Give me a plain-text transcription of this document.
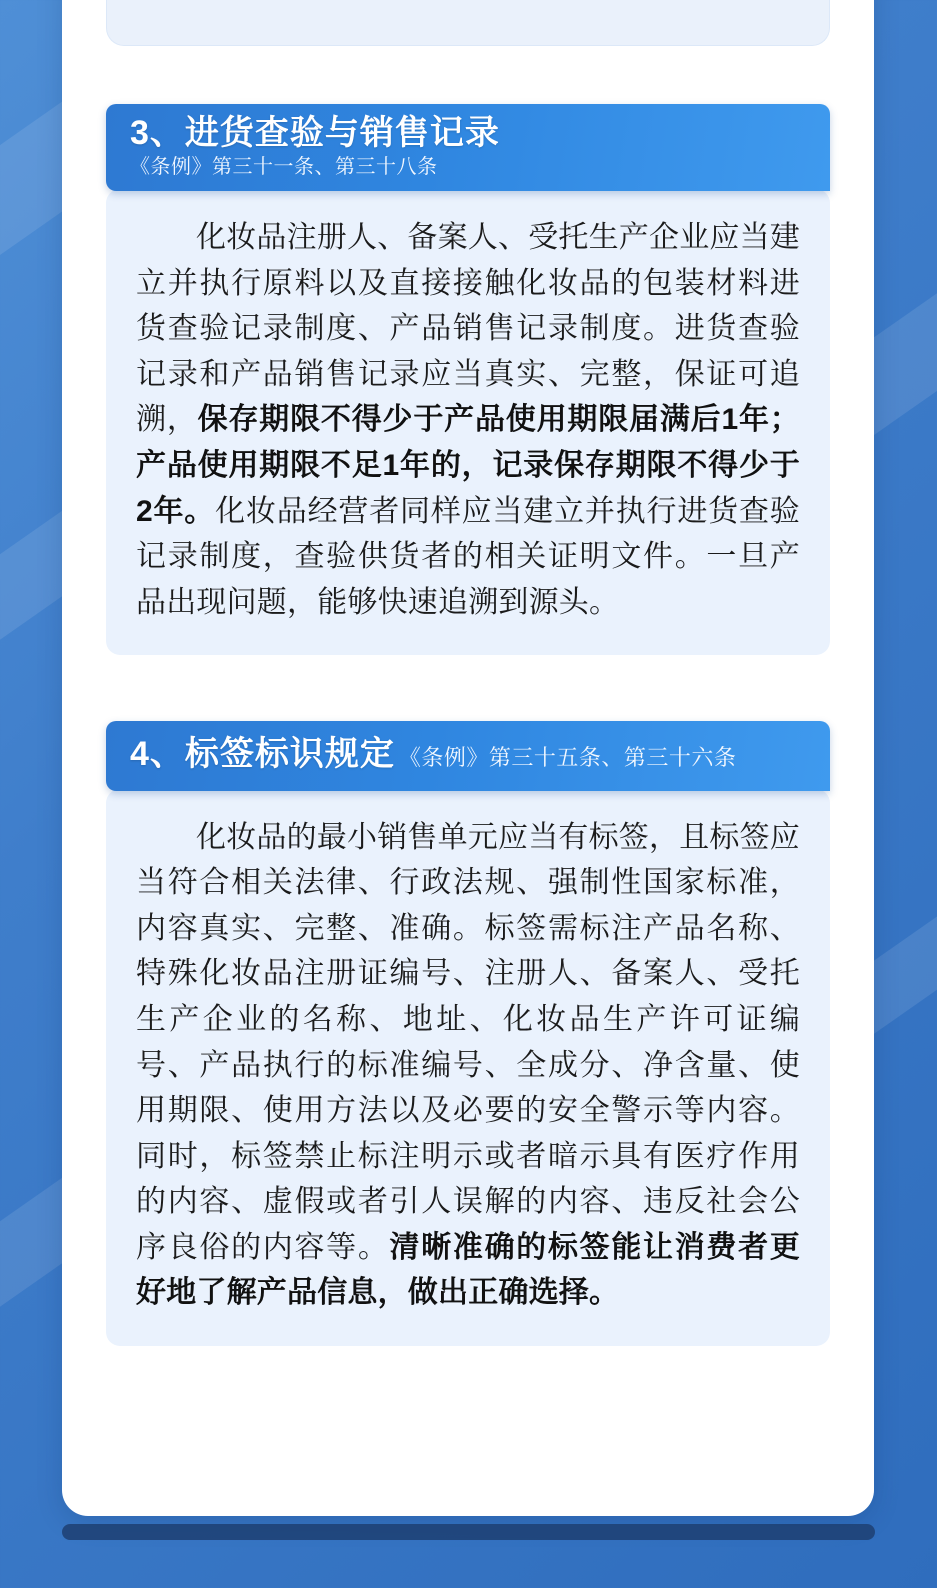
3、进货查验与销售记录
《条例》第三十一条、第三十八条

化妆品注册人、备案人、受托生产企业应当建立并执行原料以及直接接触化妆品的包装材料进货查验记录制度、产品销售记录制度。进货查验记录和产品销售记录应当真实、完整，保证可追溯，保存期限不得少于产品使用期限届满后1年；产品使用期限不足1年的，记录保存期限不得少于2年。化妆品经营者同样应当建立并执行进货查验记录制度，查验供货者的相关证明文件。一旦产品出现问题，能够快速追溯到源头。

4、标签标识规定 《条例》第三十五条、第三十六条

化妆品的最小销售单元应当有标签，且标签应当符合相关法律、行政法规、强制性国家标准，内容真实、完整、准确。标签需标注产品名称、特殊化妆品注册证编号、注册人、备案人、受托生产企业的名称、地址、化妆品生产许可证编号、产品执行的标准编号、全成分、净含量、使用期限、使用方法以及必要的安全警示等内容。同时，标签禁止标注明示或者暗示具有医疗作用的内容、虚假或者引人误解的内容、违反社会公序良俗的内容等。清晰准确的标签能让消费者更好地了解产品信息，做出正确选择。
